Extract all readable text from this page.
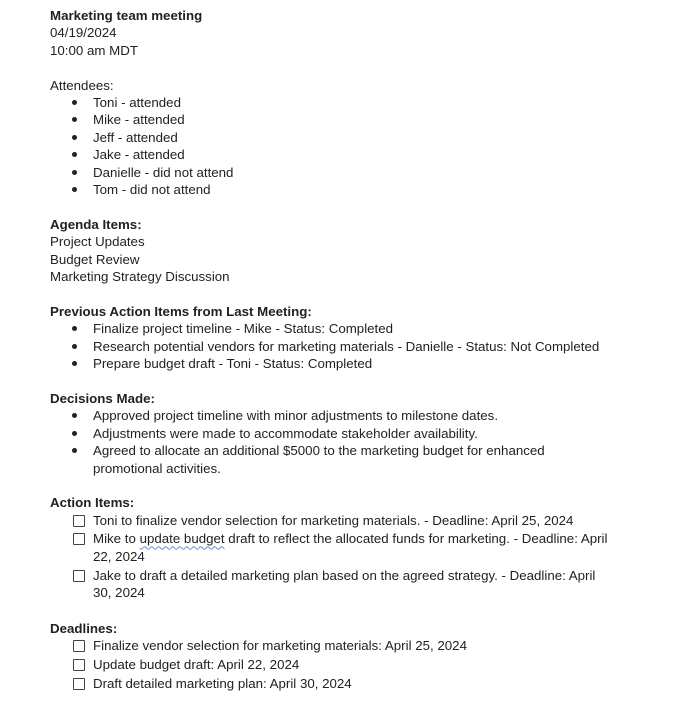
Marketing team meeting
04/19/2024
10:00 am MDT
Attendees:
Toni - attended
Mike - attended
Jeff - attended
Jake - attended
Danielle - did not attend
Tom - did not attend
Agenda Items:
Project Updates
Budget Review
Marketing Strategy Discussion
Previous Action Items from Last Meeting:
Finalize project timeline - Mike - Status: Completed
Research potential vendors for marketing materials - Danielle - Status: Not Completed
Prepare budget draft - Toni - Status: Completed
Decisions Made:
Approved project timeline with minor adjustments to milestone dates.
Adjustments were made to accommodate stakeholder availability.
Agreed to allocate an additional $5000 to the marketing budget for enhanced promotional activities.
Action Items:
Toni to finalize vendor selection for marketing materials. - Deadline: April 25, 2024
Mike to update budget draft to reflect the allocated funds for marketing. - Deadline: April 22, 2024
Jake to draft a detailed marketing plan based on the agreed strategy. - Deadline: April 30, 2024
Deadlines:
Finalize vendor selection for marketing materials: April 25, 2024
Update budget draft: April 22, 2024
Draft detailed marketing plan: April 30, 2024
